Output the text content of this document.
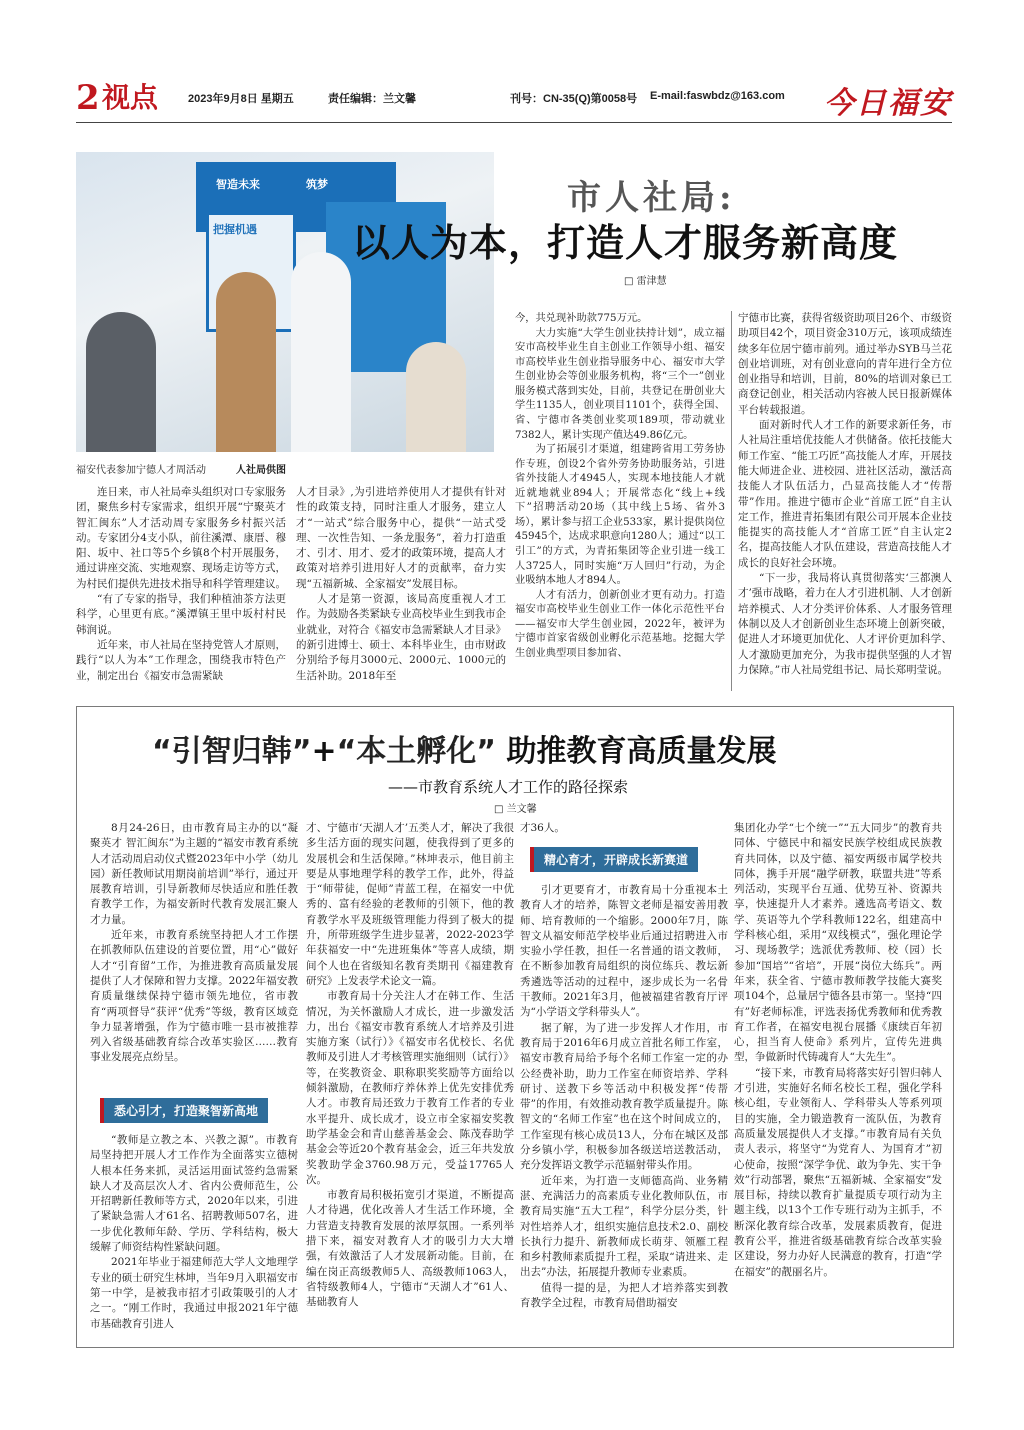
2 视点	2023年9月8日 星期五	责任编辑：兰文馨	刊号：CN-35(Q)第0058号 E-mail:faswbdz@163.com 今日福安
智造未来	筑梦
把握机遇
福安代表参加宁德人才周活动	人社局供图
市人社局:
以人为本，打造人才服务新高度
□ 雷津慧

连日来，市人社局牵头组织对口专家服务团，聚焦乡村专家需求，组织开展“宁聚英才 智汇闽东”人才活动周专家服务乡村振兴活动。专家团分4支小队，前往溪潭、康厝、穆阳、坂中、社口等5个乡镇8个村开展服务，通过讲座交流、实地观察、现场走访等方式，为村民们提供先进技术指导和科学管理建议。

“有了专家的指导，我们种植油茶方法更科学，心里更有底。”溪潭镇王里中坂村村民韩润说。

近年来，市人社局在坚持党管人才原则，践行“以人为本”工作理念，围绕我市特色产业，制定出台《福安市急需紧缺

人才目录》,为引进培养使用人才提供有针对性的政策支持，同时注重人才服务，建立人才“一站式”综合服务中心，提供“一站式受理、一次性告知、一条龙服务”，着力打造重才、引才、用才、爱才的政策环境，提高人才政策对培养引进用好人才的贡献率，奋力实现“五福新城、全家福安”发展目标。

人才是第一资源，该局高度重视人才工作。为鼓励各类紧缺专业高校毕业生到我市企业就业，对符合《福安市急需紧缺人才目录》的新引进博士、硕士、本科毕业生，由市财政分别给予每月3000元、2000元、1000元的生活补助。2018年至

今，共兑现补助款775万元。

大力实施“大学生创业扶持计划”，成立福安市高校毕业生自主创业工作领导小组、福安市高校毕业生创业指导服务中心、福安市大学生创业协会等创业服务机构，将“三个一”创业服务模式落到实处，目前，共登记在册创业大学生1135人，创业项目1101个，获得全国、省、宁德市各类创业奖项189项，带动就业7382人，累计实现产值达49.86亿元。

为了拓展引才渠道，组建跨省用工劳务协作专班，创设2个省外劳务协助服务站，引进省外技能人才4945人，实现本地技能人才就近就地就业894人；开展常态化“线上+线下”招聘活动20场（其中线上5场、省外3场），累计参与招工企业533家，累计提供岗位45945个，达成求职意向1280人；通过“以工引工”的方式，为青拓集团等企业引进一线工人3725人，同时实施“万人回归”行动，为企业吸纳本地人才894人。

人才有活力，创新创业才更有动力。打造福安市高校毕业生创业工作一体化示范性平台——福安市大学生创业园，2022年，被评为宁德市首家省级创业孵化示范基地。挖掘大学生创业典型项目参加省、

宁德市比赛，获得省级资助项目26个、市级资助项目42个，项目资金310万元，该项成绩连续多年位居宁德市前列。通过举办SYB马兰花创业培训班，对有创业意向的青年进行全方位创业指导和培训，目前，80%的培训对象已工商登记创业，相关活动内容被人民日报新媒体平台转载报道。

面对新时代人才工作的新要求新任务，市人社局注重培优技能人才供储备。依托技能大师工作室、“能工巧匠”高技能人才库，开展技能大师进企业、进校园、进社区活动，激活高技能人才队伍活力，凸显高技能人才“传帮带”作用。推进宁德市企业“首席工匠”自主认定工作，推进青拓集团有限公司开展本企业技能提实的高技能人才“首席工匠”自主认定2名，提高技能人才队伍建设，营造高技能人才成长的良好社会环境。

“下一步，我局将认真贯彻落实‘三都澳人才’强市战略，着力在人才引进机制、人才创新培养模式、人才分类评价体系、人才服务管理体制以及人才创新创业生态环境上创新突破，促进人才环境更加优化、人才评价更加科学、人才激励更加充分，为我市提供坚强的人才智力保障。”市人社局党组书记、局长郑明莹说。

“引智归韩”+“本土孵化” 助推教育高质量发展
——市教育系统人才工作的路径探索
□ 兰文馨

8月24-26日，由市教育局主办的以“凝聚英才 智汇闽东”为主题的“福安市教育系统人才活动周启动仪式暨2023年中小学（幼儿园）新任教师试用期岗前培训”举行，通过开展教育培训，引导新教师尽快适应和胜任教育教学工作，为福安新时代教育发展汇聚人才力量。

近年来，市教育系统坚持把人才工作摆在抓教师队伍建设的首要位置，用“心”做好人才“引育留”工作，为推进教育高质量发展提供了人才保障和智力支撑。2022年福安教育质量继续保持宁德市领先地位，省市教育“两项督导”获评“优秀”等级，教育区域竞争力显著增强，作为宁德市唯一县市被推荐列入省级基础教育综合改革实验区……教育事业发展亮点纷呈。

悉心引才，打造聚智新高地

“教师是立教之本、兴教之源”。市教育局坚持把开展人才工作作为全面落实立德树人根本任务来抓，灵活运用面试签约急需紧缺人才及高层次人才、省内公费师范生，公开招聘新任教师等方式，2020年以来，引进了紧缺急需人才61名、招聘教师507名，进一步优化教师年龄、学历、学科结构，极大缓解了师资结构性紧缺问题。

2021年毕业于福建师范大学人文地理学专业的硕士研究生林坤，当年9月入职福安市第一中学，是被我市招才引政策吸引的人才之一。“刚工作时，我通过申报2021年宁德市基础教育引进人

才、宁德市‘天湖人才’五类人才，解决了我很多生活方面的现实问题，使我得到了更多的发展机会和生活保障。”林坤表示，他目前主要是从事地理学科的教学工作，此外，得益于“师带徒，促师”青蓝工程，在福安一中优秀的、富有经验的老教师的引领下，他的教育教学水平及班级管理能力得到了极大的提升，所带班级学生进步显著，2022-2023学年获福安一中“先进班集体”等喜人成绩，期间个人也在省级知名教育类期刊《福建教育研究》上发表学术论文一篇。

市教育局十分关注人才在韩工作、生活情况，为关怀激励人才成长，进一步激发活力，出台《福安市教育系统人才培养及引进实施方案（试行）》《福安市名优校长、名优教师及引进人才考核管理实施细则（试行）》等，在奖教资金、职称职奖奖励等方面给以倾斜激励，在教师疗养休养上优先安排优秀人才。市教育局还致力于教育工作者的专业水平提升、成长成才，设立市全家福安奖教助学基金会和青山慈善基金会、陈茂春助学基金会等近20个教育基金会，近三年共发放奖教助学金3760.98万元，受益17765人次。

市教育局积极拓宽引才渠道，不断提高人才待遇，优化改善人才生活工作环境，全力营造支持教育发展的浓厚氛围。一系列举措下来，福安对教育人才的吸引力大大增强，有效激活了人才发展新动能。目前，在编在岗正高级教师5人、高级教师1063人，省特级教师4人，宁德市“天湖人才”61人、基础教育人

才36人。

精心育才，开辟成长新赛道

引才更要育才，市教育局十分重视本土教育人才的培养，陈智文老师是福安善用教师、培育教师的一个缩影。2000年7月，陈智文从福安师范学校毕业后通过招聘进入市实验小学任教，担任一名普通的语文教师，在不断参加教育局组织的岗位练兵、教坛新秀遴选等活动的过程中，逐步成长为一名骨干教师。2021年3月，他被福建省教育厅评为“小学语文学科带头人”。

据了解，为了进一步发挥人才作用，市教育局于2016年6月成立首批名师工作室，福安市教育局给予每个名师工作室一定的办公经费补助，助力工作室在师资培养、学科研讨、送教下乡等活动中积极发挥“传帮带”的作用，有效推动教育教学质量提升。陈智文的“名师工作室”也在这个时间成立的，工作室现有核心成员13人，分布在城区及部分乡镇小学，积极参加各级送培送教活动，充分发挥语文教学示范辐射带头作用。

近年来，为打造一支师德高尚、业务精湛、充满活力的高素质专业化教师队伍，市教育局实施“五大工程”，科学分层分类，针对性培养人才，组织实施信息技术2.0、副校长执行力提升、新教师成长萌芽、领雁工程和乡村教师素质提升工程，采取“请进来、走出去”办法，拓展提升教师专业素质。

值得一提的是，为把人才培养落实到教育教学全过程，市教育局借助福安

集团化办学“七个统一”“五大同步”的教育共同体、宁德民中和福安民族学校组成民族教育共同体，以及宁德、福安两级市属学校共同体，携手开展“融学研教，联盟共进”等系列活动，实现平台互通、优势互补、资源共享，快速提升人才素养。遴选高考语文、数学、英语等九个学科教师122名，组建高中学科核心组，采用“双线模式”，强化理论学习、现场教学；选派优秀教师、校（园）长参加“国培”“省培”，开展“岗位大练兵”。两年来，获全省、宁德市教师教学技能大赛奖项104个，总量居宁德各县市第一。坚持“四有”好老师标准，评选表扬优秀教师和优秀教育工作者，在福安电视台展播《康续百年初心，担当育人使命》系列片，宣传先进典型，争做新时代铸魂育人“大先生”。

“接下来，市教育局将落实好引智归韩人才引进，实施好名师名校长工程，强化学科核心组，专业领衔人、学科带头人等系列项目的实施，全力锻造教育一流队伍，为教育高质量发展提供人才支撑。”市教育局有关负责人表示，将坚守“为党育人、为国育才”初心使命，按照“深学争优、敢为争先、实干争效”行动部署，聚焦“五福新城、全家福安”发展目标，持续以教育扩量提质专项行动为主题主线，以13个工作专班行动为主抓手，不断深化教育综合改革，发展素质教育，促进教育公平，推进省级基础教育综合改革实验区建设，努力办好人民满意的教育，打造“学在福安”的靓丽名片。
